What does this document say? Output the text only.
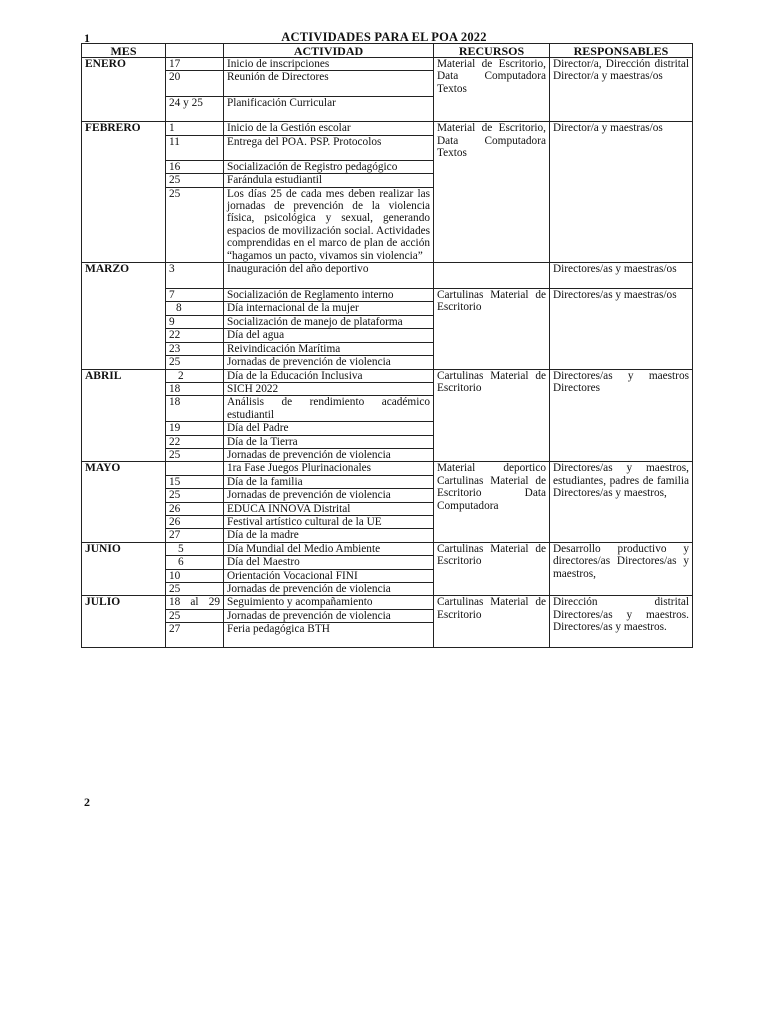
1	ACTIVIDADES PARA EL POA 2022
MES		ACTIVIDAD	RECURSOS	RESPONSABLES
ENERO	17	Inicio de inscripciones	Material de Escritorio, Data Computadora Textos	Director/a, Dirección distrital Director/a y maestras/os
	20	Reunión de Directores		
	24 y 25	Planificación Curricular		
FEBRERO	1	Inicio de la Gestión escolar	Material de Escritorio, Data Computadora Textos	Director/a y maestras/os
	11	Entrega del POA. PSP. Protocolos		
	16	Socialización de Registro pedagógico		
	25	Farándula estudiantil		
	25	Los días 25 de cada mes deben realizar las jornadas de prevención de la violencia física, psicológica y sexual, generando espacios de movilización social. Actividades comprendidas en el marco de plan de acción “hagamos un pacto, vivamos sin violencia”		
MARZO	3	Inauguración del año deportivo		Directores/as y maestras/os
	7	Socialización de Reglamento interno	Cartulinas Material de Escritorio	Directores/as y maestras/os
	8	Día internacional de la mujer		
	9	Socialización de manejo de plataforma		
	22	Día del agua		
	23	Reivindicación Marítima		
	25	Jornadas de prevención de violencia		
ABRIL	2	Día de la Educación Inclusiva	Cartulinas Material de Escritorio	Directores/as y maestros Directores
	18	SICH 2022		
	18	Análisis de rendimiento académico estudiantil		
	19	Día del Padre		
	22	Día de la Tierra		
	25	Jornadas de prevención de violencia		
MAYO		1ra Fase Juegos Plurinacionales	Material deportico Cartulinas Material de Escritorio Data Computadora	Directores/as y maestros, estudiantes, padres de familia Directores/as y maestros,
	15	Día de la familia		
	25	Jornadas de prevención de violencia		
	26	EDUCA INNOVA Distrital		
	26	Festival artístico cultural de la UE		
	27	Día de la madre		
JUNIO	5	Día Mundial del Medio Ambiente	Cartulinas Material de Escritorio	Desarrollo productivo y directores/as Directores/as y maestros,
	6	Día del Maestro		
	10	Orientación Vocacional FINI		
	25	Jornadas de prevención de violencia		
JULIO	18 al 29	Seguimiento y acompañamiento	Cartulinas Material de Escritorio	Dirección distrital Directores/as y maestros. Directores/as y maestros.
	25	Jornadas de prevención de violencia		
	27	Feria pedagógica BTH		
2
